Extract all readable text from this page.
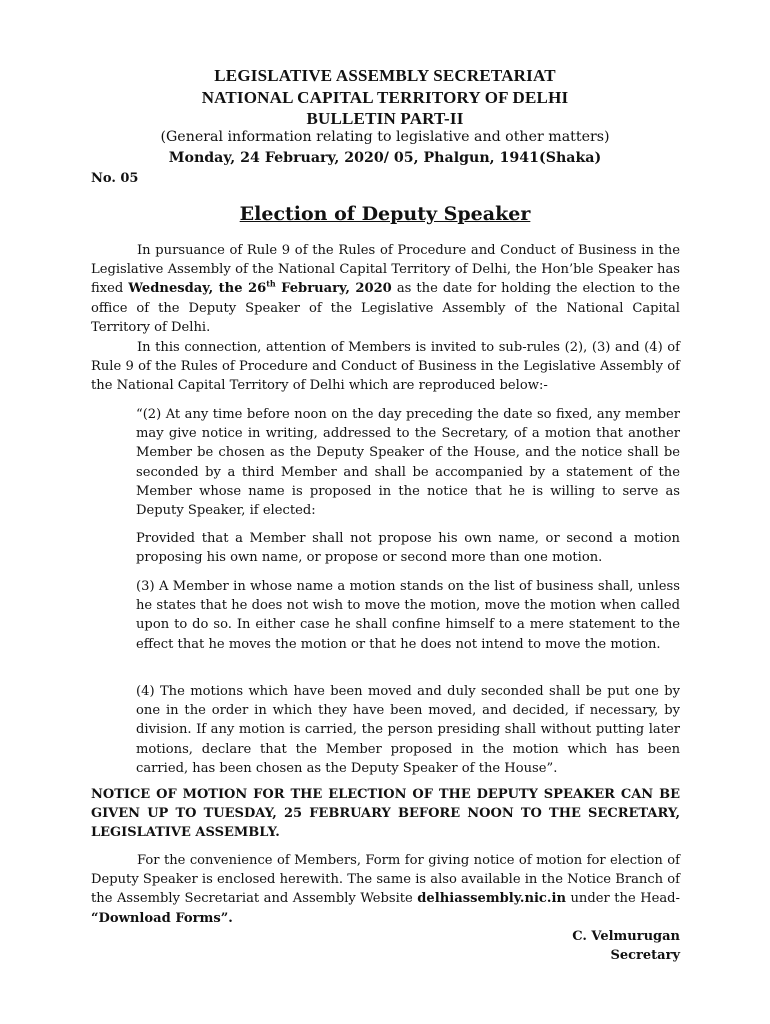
LEGISLATIVE ASSEMBLY SECRETARIAT

NATIONAL CAPITAL TERRITORY OF DELHI

BULLETIN PART-II

(General information relating to legislative and other matters)

Monday, 24 February, 2020/ 05, Phalgun, 1941(Shaka)

No. 05

Election of Deputy Speaker

In pursuance of Rule 9 of the Rules of Procedure and Conduct of Business in the Legislative Assembly of the National Capital Territory of Delhi, the Hon’ble Speaker has fixed Wednesday, the 26th February, 2020 as the date for holding the election to the office of the Deputy Speaker of the Legislative Assembly of the National Capital Territory of Delhi.

In this connection, attention of Members is invited to sub-rules (2), (3) and (4) of Rule 9 of the Rules of Procedure and Conduct of Business in the Legislative Assembly of the National Capital Territory of Delhi which are reproduced below:-

“(2) At any time before noon on the day preceding the date so fixed, any member may give notice in writing, addressed to the Secretary, of a motion that another Member be chosen as the Deputy Speaker of the House, and the notice shall be seconded by a third Member and shall be accompanied by a statement of the Member whose name is proposed in the notice that he is willing to serve as Deputy Speaker, if elected:

Provided that a Member shall not propose his own name, or second a motion proposing his own name, or propose or second more than one motion.

(3) A Member in whose name a motion stands on the list of business shall, unless he states that he does not wish to move the motion, move the motion when called upon to do so. In either case he shall confine himself to a mere statement to the effect that he moves the motion or that he does not intend to move the motion.

(4) The motions which have been moved and duly seconded shall be put one by one in the order in which they have been moved, and decided, if necessary, by division. If any motion is carried, the person presiding shall without putting later motions, declare that the Member proposed in the motion which has been carried, has been chosen as the Deputy Speaker of the House”.

NOTICE OF MOTION FOR THE ELECTION OF THE DEPUTY SPEAKER CAN BE GIVEN UP TO TUESDAY, 25 FEBRUARY BEFORE NOON TO THE SECRETARY, LEGISLATIVE ASSEMBLY.

For the convenience of Members, Form for giving notice of motion for election of Deputy Speaker is enclosed herewith. The same is also available in the Notice Branch of the Assembly Secretariat and Assembly Website delhiassembly.nic.in under the Head- “Download Forms”.

C. Velmurugan

Secretary
